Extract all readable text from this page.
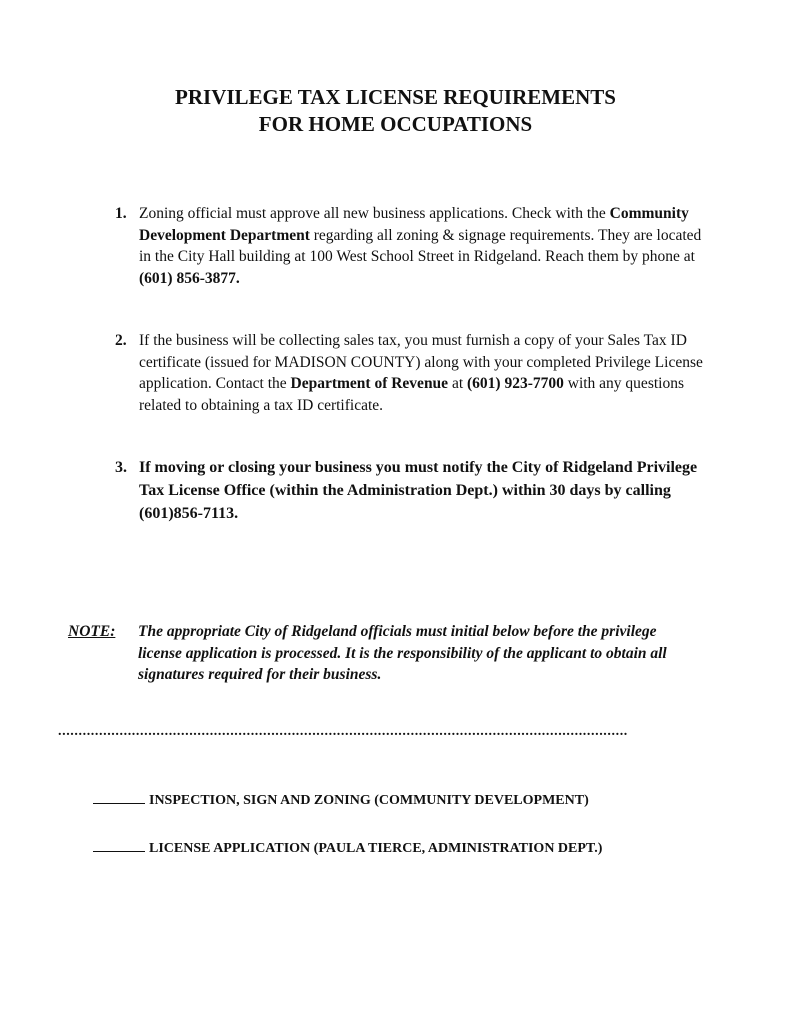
PRIVILEGE TAX LICENSE REQUIREMENTS
FOR HOME OCCUPATIONS
1. Zoning official must approve all new business applications. Check with the Community Development Department regarding all zoning & signage requirements. They are located in the City Hall building at 100 West School Street in Ridgeland. Reach them by phone at (601) 856-3877.
2. If the business will be collecting sales tax, you must furnish a copy of your Sales Tax ID certificate (issued for MADISON COUNTY) along with your completed Privilege License application. Contact the Department of Revenue at (601) 923-7700 with any questions related to obtaining a tax ID certificate.
3. If moving or closing your business you must notify the City of Ridgeland Privilege Tax License Office (within the Administration Dept.) within 30 days by calling (601)856-7113.
NOTE: The appropriate City of Ridgeland officials must initial below before the privilege license application is processed. It is the responsibility of the applicant to obtain all signatures required for their business.
...........................................................................................................................................
INSPECTION, SIGN AND ZONING (COMMUNITY DEVELOPMENT)
LICENSE APPLICATION (PAULA TIERCE, ADMINISTRATION DEPT.)
